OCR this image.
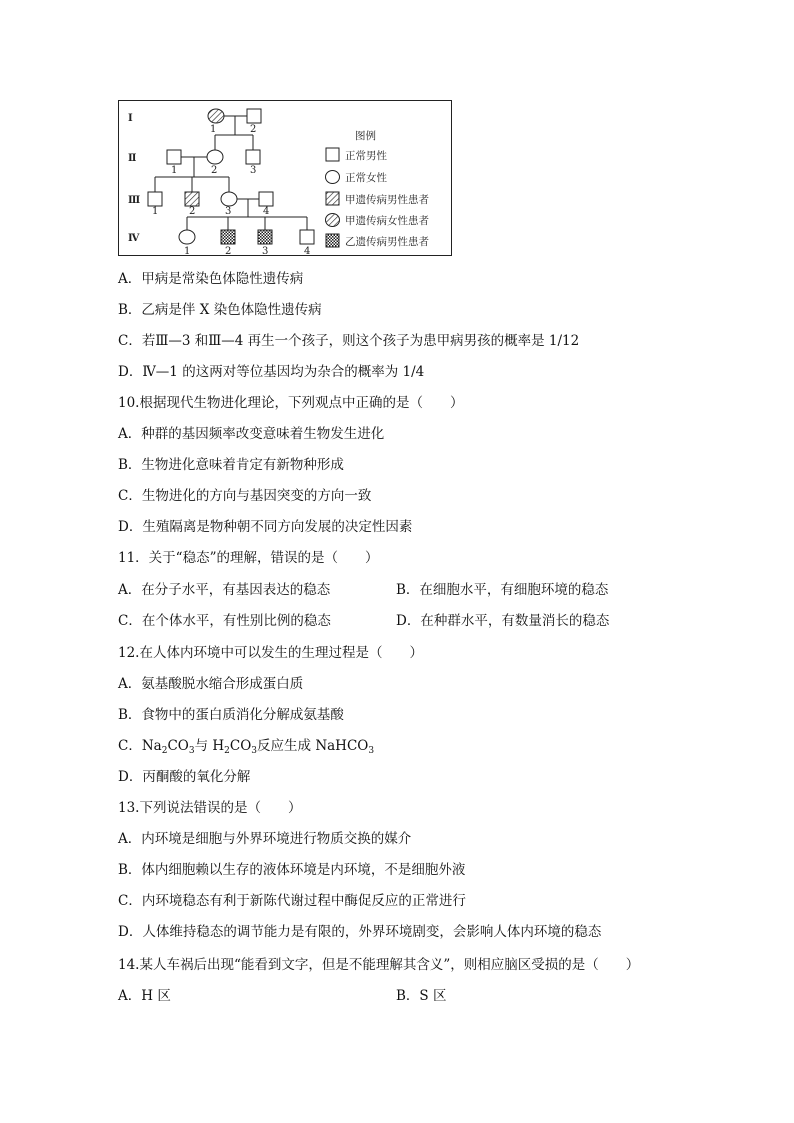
Ⅰ
Ⅱ
Ⅲ
Ⅳ
1	2
1	2	3
1	2	3	4
1	2	3	4
图例
正常男性
正常女性
甲遗传病男性患者
甲遗传病女性患者
乙遗传病男性患者
A．甲病是常染色体隐性遗传病
B．乙病是伴 X 染色体隐性遗传病
C．若Ⅲ—3 和Ⅲ—4 再生一个孩子，则这个孩子为患甲病男孩的概率是 1/12
D．Ⅳ—1 的这两对等位基因均为杂合的概率为 1/4
10.根据现代生物进化理论，下列观点中正确的是（　　）
A．种群的基因频率改变意味着生物发生进化
B．生物进化意味着肯定有新物种形成
C．生物进化的方向与基因突变的方向一致
D．生殖隔离是物种朝不同方向发展的决定性因素
11．关于“稳态”的理解，错误的是（　　）
A．在分子水平，有基因表达的稳态	B．在细胞水平，有细胞环境的稳态
C．在个体水平，有性别比例的稳态	D．在种群水平，有数量消长的稳态
12.在人体内环境中可以发生的生理过程是（　　）
A．氨基酸脱水缩合形成蛋白质
B．食物中的蛋白质消化分解成氨基酸
C．$Na_2CO_3$与 $H_2CO_3$反应生成 NaHCO$_3$
D．丙酮酸的氧化分解
13.下列说法错误的是（　　）
A．内环境是细胞与外界环境进行物质交换的媒介
B．体内细胞赖以生存的液体环境是内环境，不是细胞外液
C．内环境稳态有利于新陈代谢过程中酶促反应的正常进行
D．人体维持稳态的调节能力是有限的，外界环境剧变，会影响人体内环境的稳态
14.某人车祸后出现“能看到文字，但是不能理解其含义”，则相应脑区受损的是（　　）
A．H 区	B．S 区
